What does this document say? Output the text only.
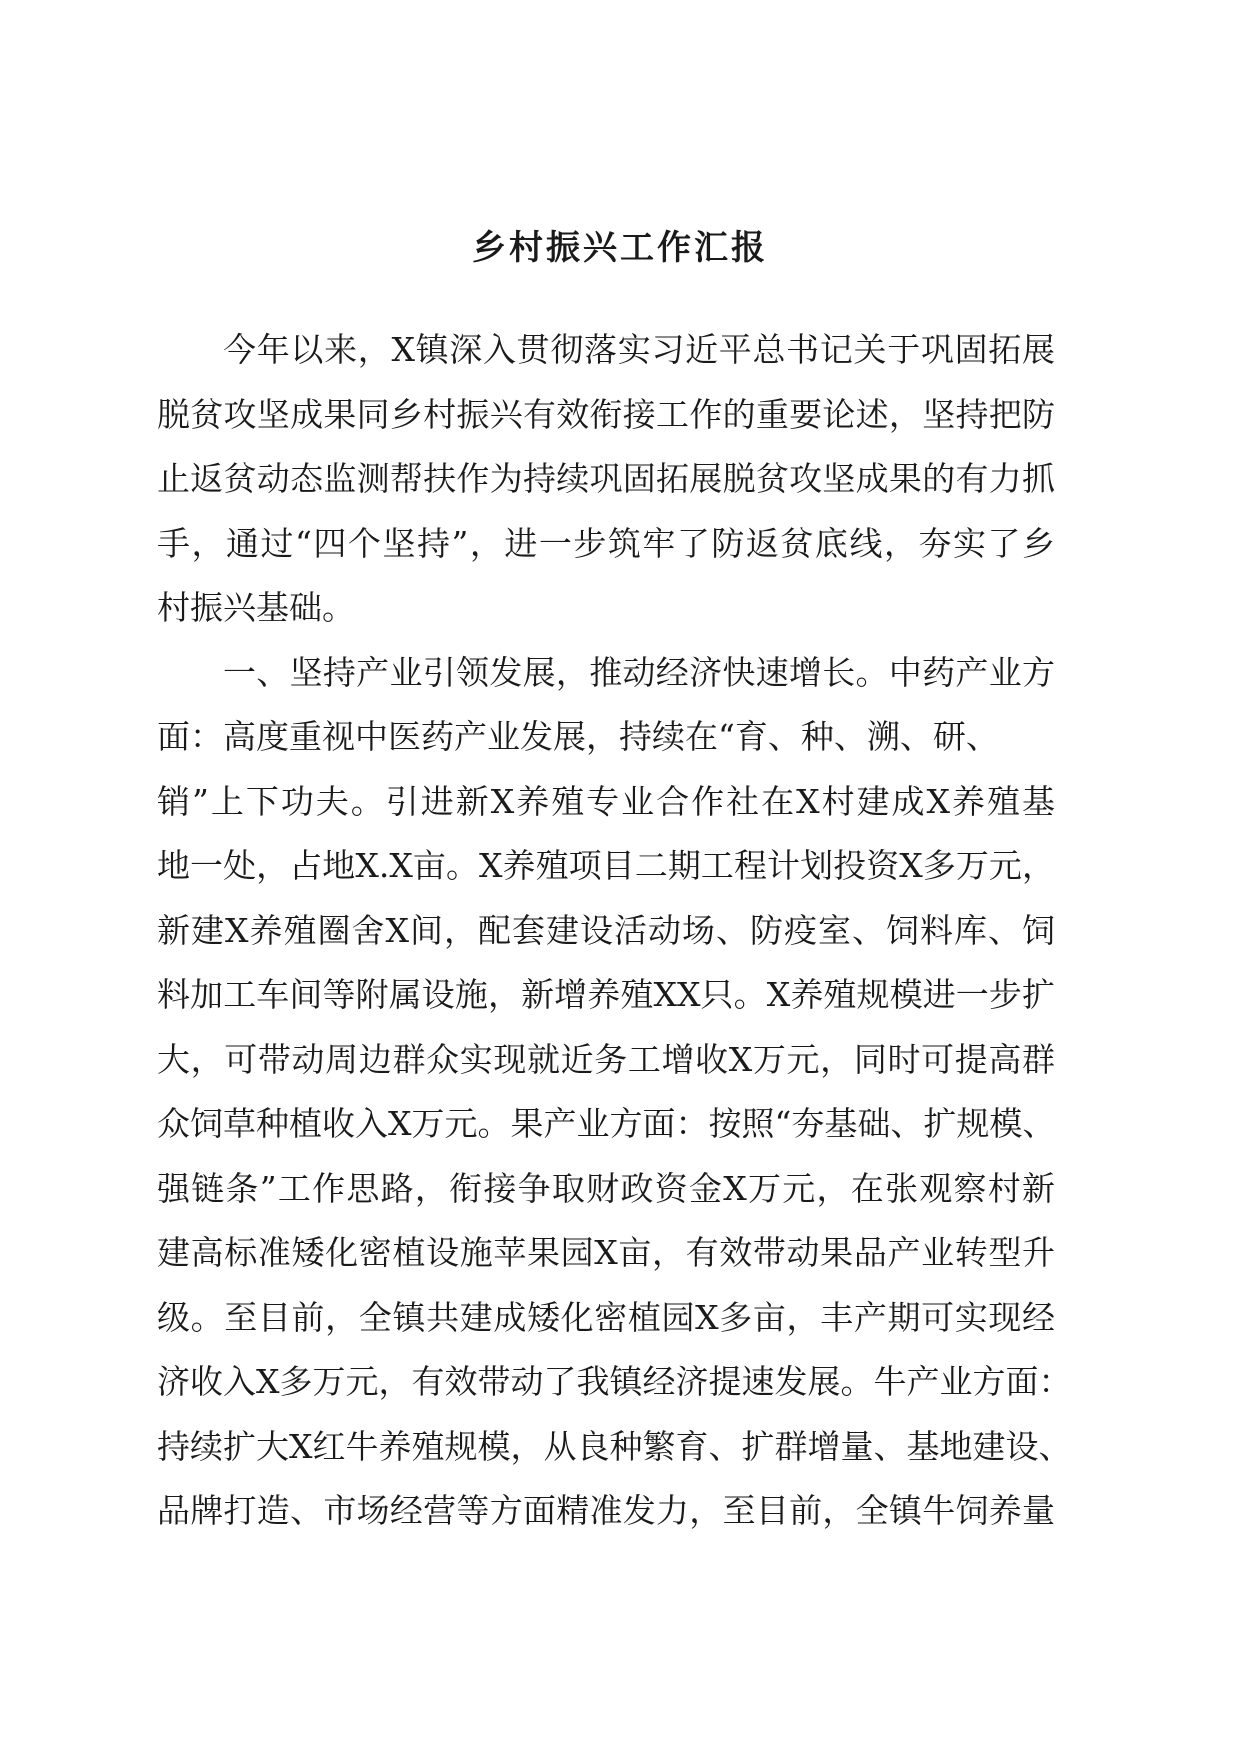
乡村振兴工作汇报
今年以来，X镇深入贯彻落实习近平总书记关于巩固拓展
脱贫攻坚成果同乡村振兴有效衔接工作的重要论述，坚持把防
止返贫动态监测帮扶作为持续巩固拓展脱贫攻坚成果的有力抓
手，通过“四个坚持”，进一步筑牢了防返贫底线，夯实了乡
村振兴基础。
一、坚持产业引领发展，推动经济快速增长。中药产业方
面：高度重视中医药产业发展，持续在“育、种、溯、研、
销”上下功夫。引进新X养殖专业合作社在X村建成X养殖基
地一处，占地X.X亩。X养殖项目二期工程计划投资X多万元，
新建X养殖圈舍X间，配套建设活动场、防疫室、饲料库、饲
料加工车间等附属设施，新增养殖XX只。X养殖规模进一步扩
大，可带动周边群众实现就近务工增收X万元，同时可提高群
众饲草种植收入X万元。果产业方面：按照“夯基础、扩规模、
强链条”工作思路，衔接争取财政资金X万元，在张观察村新
建高标准矮化密植设施苹果园X亩，有效带动果品产业转型升
级。至目前，全镇共建成矮化密植园X多亩，丰产期可实现经
济收入X多万元，有效带动了我镇经济提速发展。牛产业方面：
持续扩大X红牛养殖规模，从良种繁育、扩群增量、基地建设、
品牌打造、市场经营等方面精准发力，至目前，全镇牛饲养量
